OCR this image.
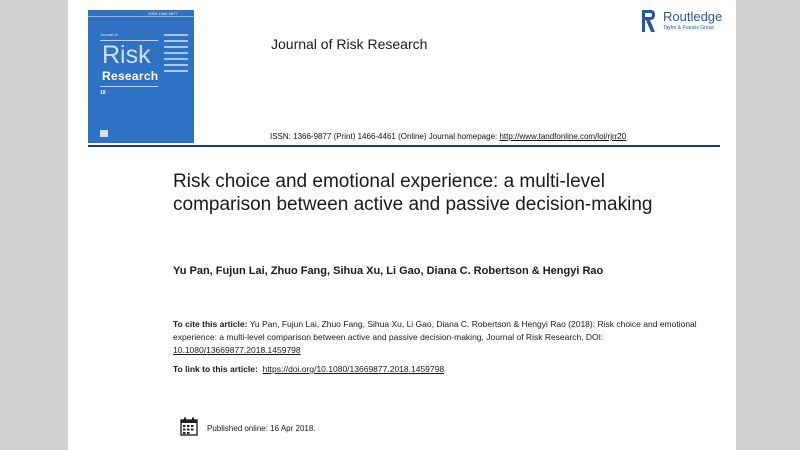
ISSN 1366-9877
Journal of
Risk
Research
18
Journal of Risk Research
Routledge
Taylor & Francis Group
ISSN: 1366-9877 (Print) 1466-4461 (Online) Journal homepage: http://www.tandfonline.com/loi/rjrr20
Risk choice and emotional experience: a multi-level comparison between active and passive decision-making
Yu Pan, Fujun Lai, Zhuo Fang, Sihua Xu, Li Gao, Diana C. Robertson & Hengyi Rao
To cite this article: Yu Pan, Fujun Lai, Zhuo Fang, Sihua Xu, Li Gao, Diana C. Robertson & Hengyi Rao (2018): Risk choice and emotional experience: a multi-level comparison between active and passive decision-making, Journal of Risk Research, DOI: 10.1080/13669877.2018.1459798
To link to this article: https://doi.org/10.1080/13669877.2018.1459798
Published online: 16 Apr 2018.
